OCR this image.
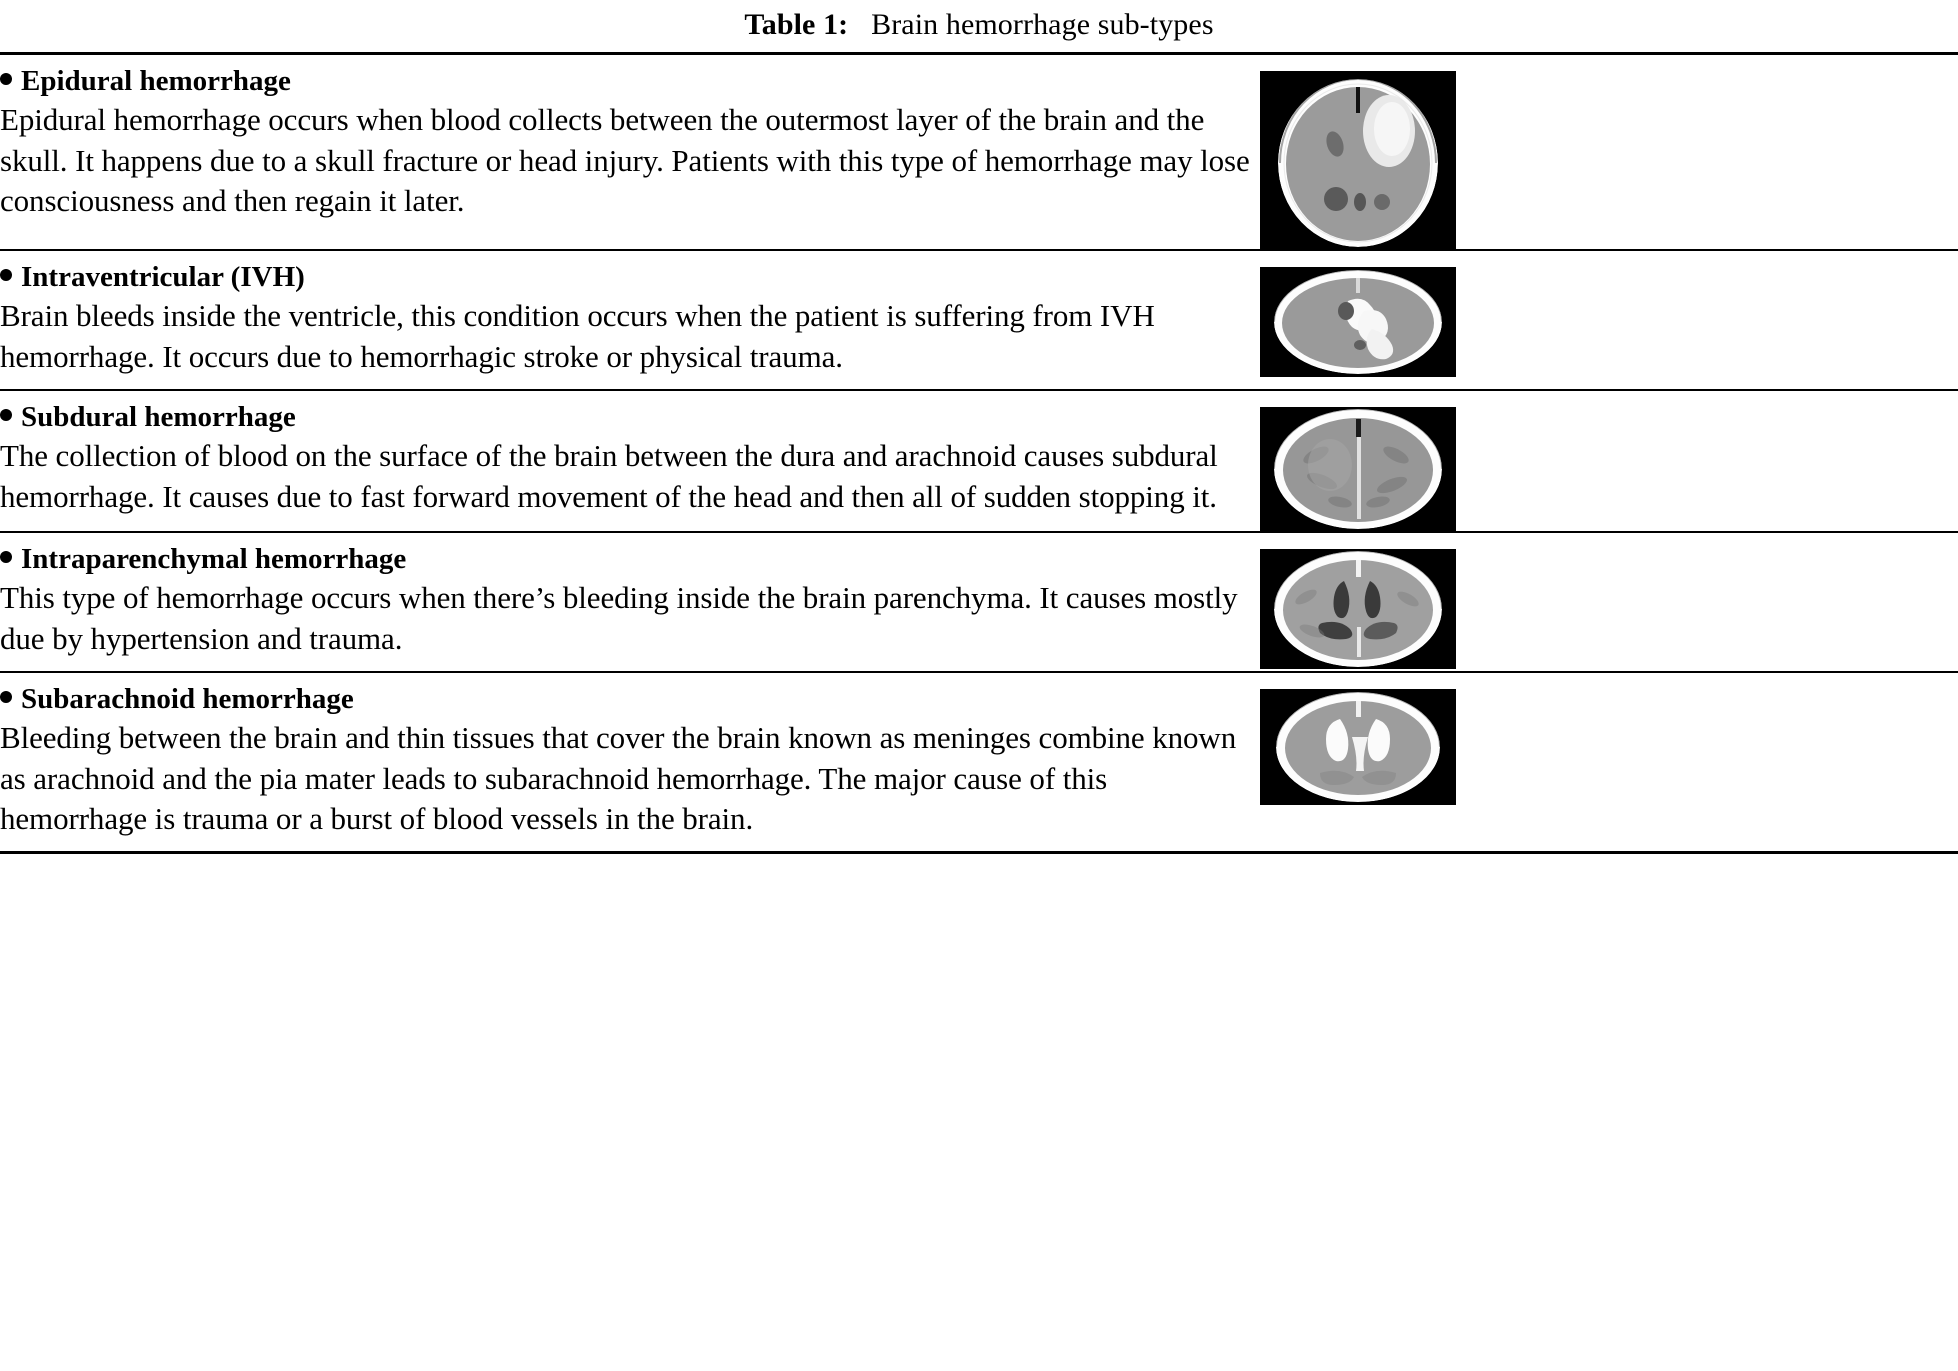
Table 1: Brain hemorrhage sub-types
Epidural hemorrhage

Epidural hemorrhage occurs when blood collects between the outermost layer of the brain and the skull. It happens due to a skull fracture or head injury. Patients with this type of hemorrhage may lose consciousness and then regain it later.

Intraventricular (IVH)

Brain bleeds inside the ventricle, this condition occurs when the patient is suffering from IVH hemorrhage. It occurs due to hemorrhagic stroke or physical trauma.

Subdural hemorrhage

The collection of blood on the surface of the brain between the dura and arachnoid causes subdural hemorrhage. It causes due to fast forward movement of the head and then all of sudden stopping it.

Intraparenchymal hemorrhage

This type of hemorrhage occurs when there’s bleeding inside the brain parenchyma. It causes mostly due by hypertension and trauma.

Subarachnoid hemorrhage

Bleeding between the brain and thin tissues that cover the brain known as meninges combine known as arachnoid and the pia mater leads to subarachnoid hemorrhage. The major cause of this hemorrhage is trauma or a burst of blood vessels in the brain.
